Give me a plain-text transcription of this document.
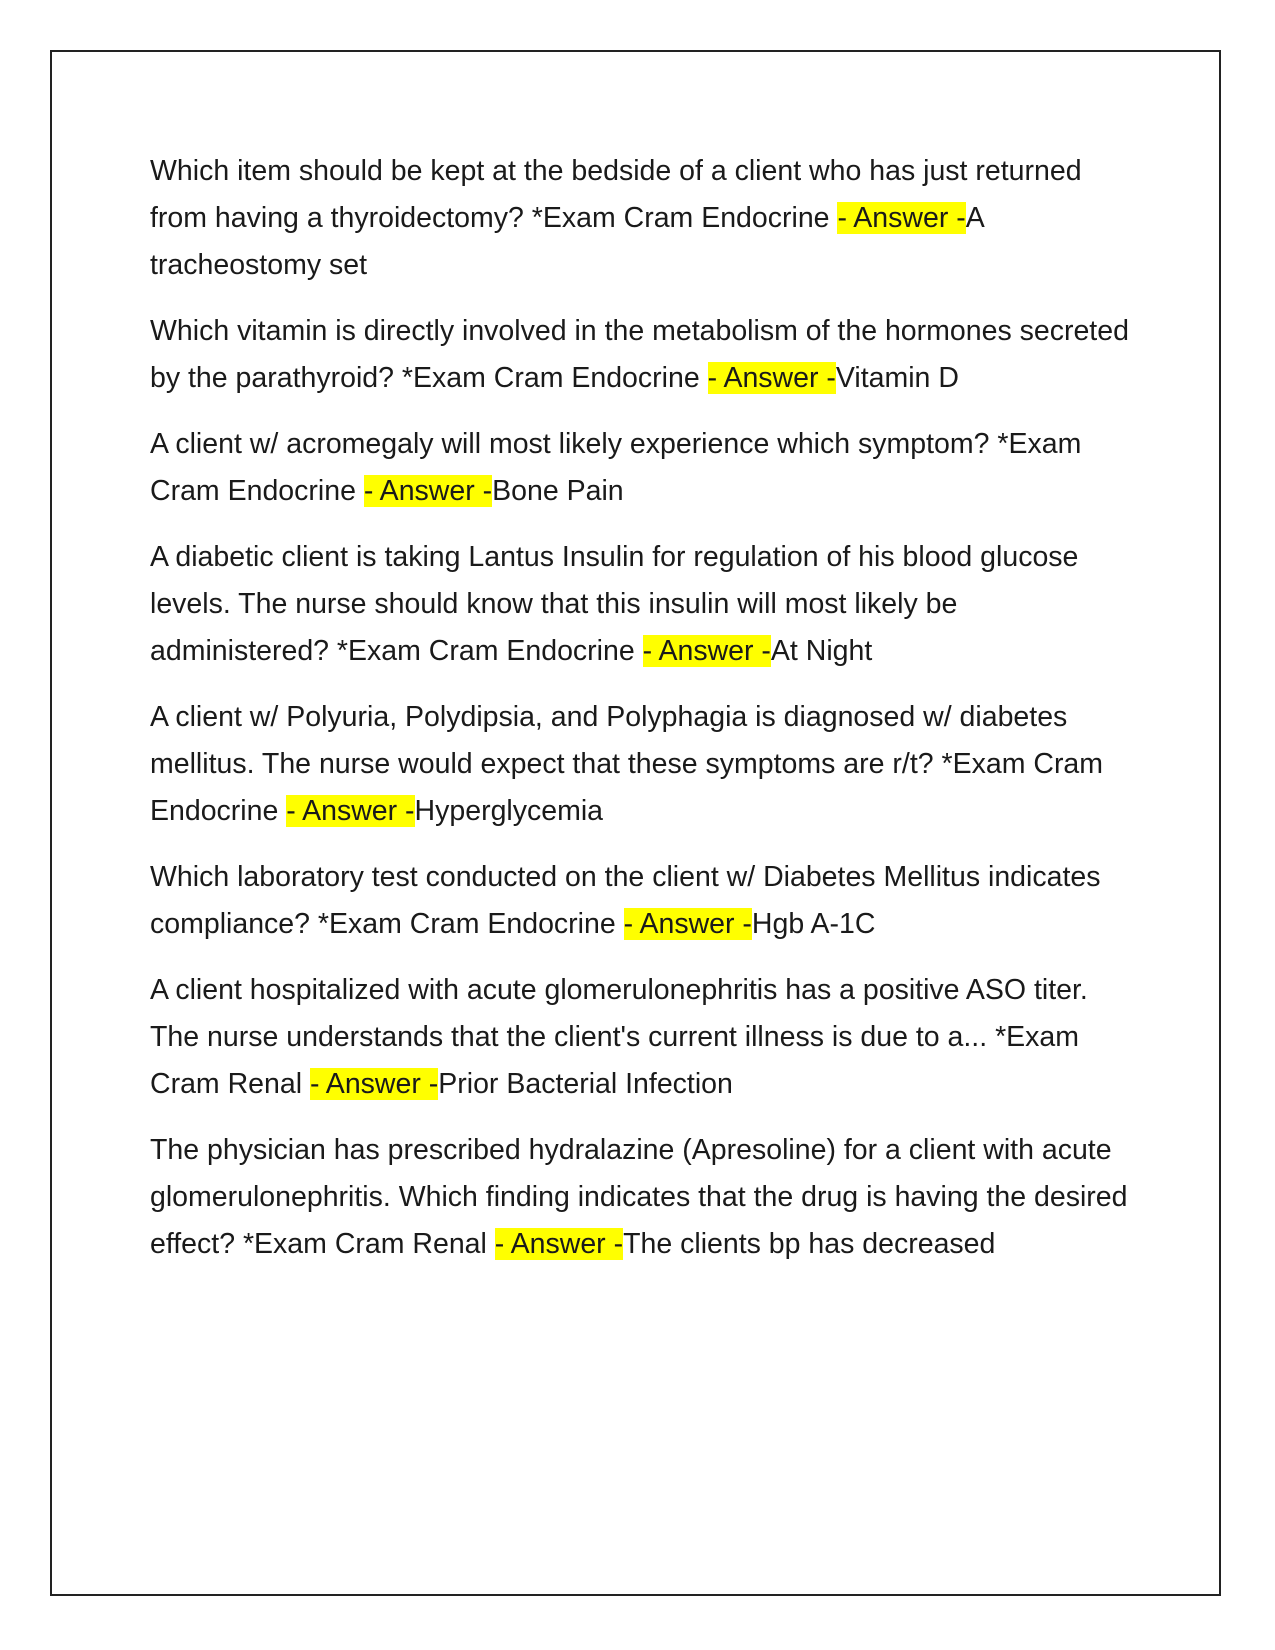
Which item should be kept at the bedside of a client who has just returned from having a thyroidectomy? *Exam Cram Endocrine - Answer -A tracheostomy set

Which vitamin is directly involved in the metabolism of the hormones secreted by the parathyroid? *Exam Cram Endocrine - Answer -Vitamin D

A client w/ acromegaly will most likely experience which symptom? *Exam Cram Endocrine - Answer -Bone Pain

A diabetic client is taking Lantus Insulin for regulation of his blood glucose levels. The nurse should know that this insulin will most likely be administered? *Exam Cram Endocrine - Answer -At Night

A client w/ Polyuria, Polydipsia, and Polyphagia is diagnosed w/ diabetes mellitus. The nurse would expect that these symptoms are r/t? *Exam Cram Endocrine - Answer -Hyperglycemia

Which laboratory test conducted on the client w/ Diabetes Mellitus indicates compliance? *Exam Cram Endocrine - Answer -Hgb A-1C

A client hospitalized with acute glomerulonephritis has a positive ASO titer. The nurse understands that the client's current illness is due to a... *Exam Cram Renal - Answer -Prior Bacterial Infection

The physician has prescribed hydralazine (Apresoline) for a client with acute glomerulonephritis. Which finding indicates that the drug is having the desired effect? *Exam Cram Renal - Answer -The clients bp has decreased
